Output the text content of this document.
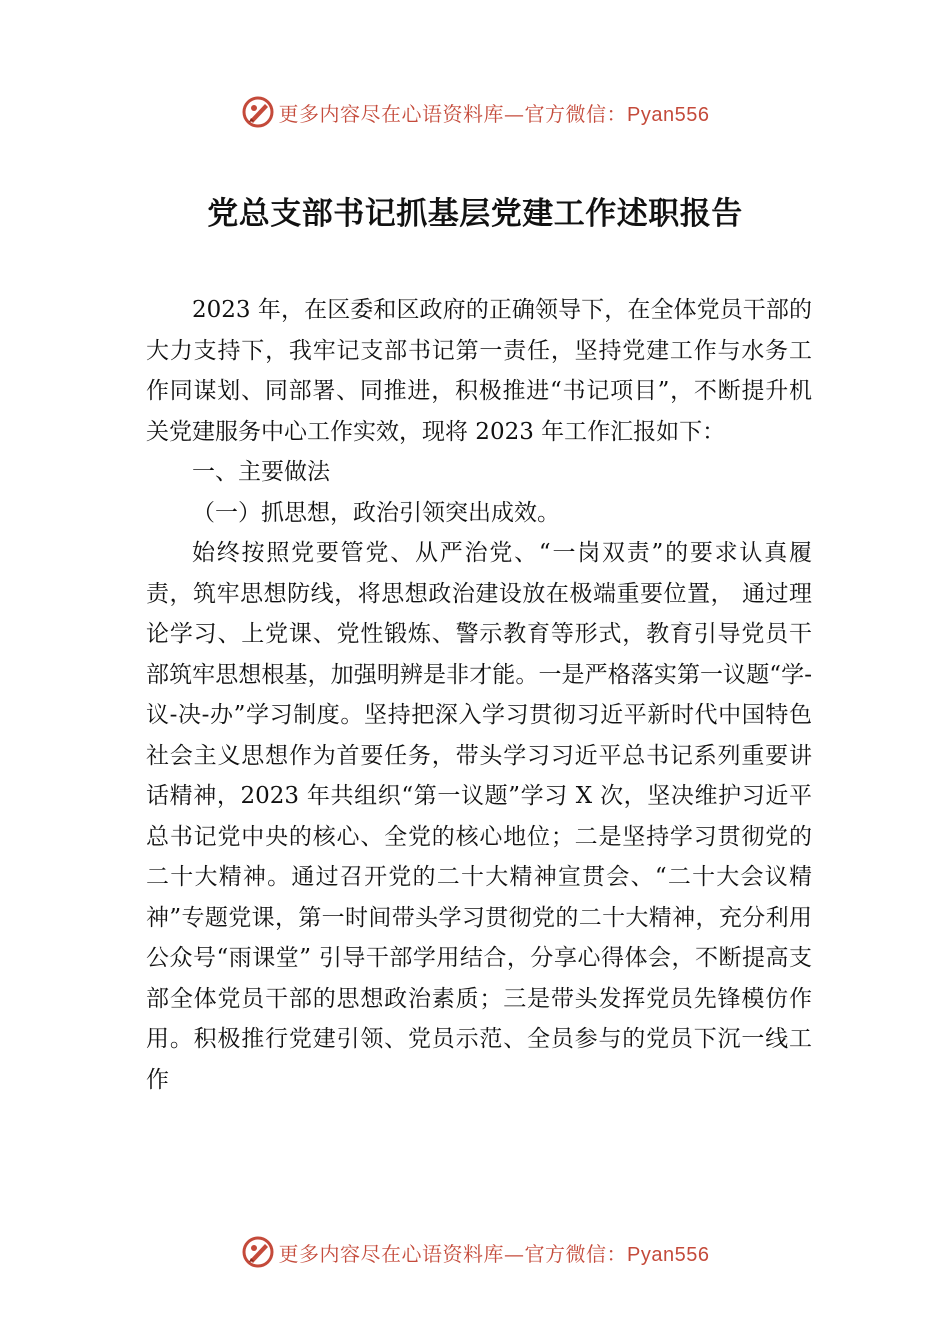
更多内容尽在心语资料库—官方微信：Pyan556
党总支部书记抓基层党建工作述职报告

2023 年，在区委和区政府的正确领导下，在全体党员干部的大力支持下，我牢记支部书记第一责任，坚持党建工作与水务工作同谋划、同部署、同推进，积极推进“书记项目”，不断提升机关党建服务中心工作实效，现将 2023 年工作汇报如下：

一、主要做法

（一）抓思想，政治引领突出成效。

始终按照党要管党、从严治党、“一岗双责”的要求认真履责，筑牢思想防线，将思想政治建设放在极端重要位置， 通过理论学习、上党课、党性锻炼、警示教育等形式，教育引导党员干部筑牢思想根基，加强明辨是非才能。一是严格落实第一议题“学-议-决-办”学习制度。坚持把深入学习贯彻习近平新时代中国特色社会主义思想作为首要任务，带头学习习近平总书记系列重要讲话精神，2023 年共组织“第一议题”学习 X 次，坚决维护习近平总书记党中央的核心、全党的核心地位；二是坚持学习贯彻党的二十大精神。通过召开党的二十大精神宣贯会、“二十大会议精神”专题党课，第一时间带头学习贯彻党的二十大精神，充分利用公众号“雨课堂” 引导干部学用结合，分享心得体会，不断提高支部全体党员干部的思想政治素质；三是带头发挥党员先锋模仿作用。积极推行党建引领、党员示范、全员参与的党员下沉一线工作

更多内容尽在心语资料库—官方微信：Pyan556
